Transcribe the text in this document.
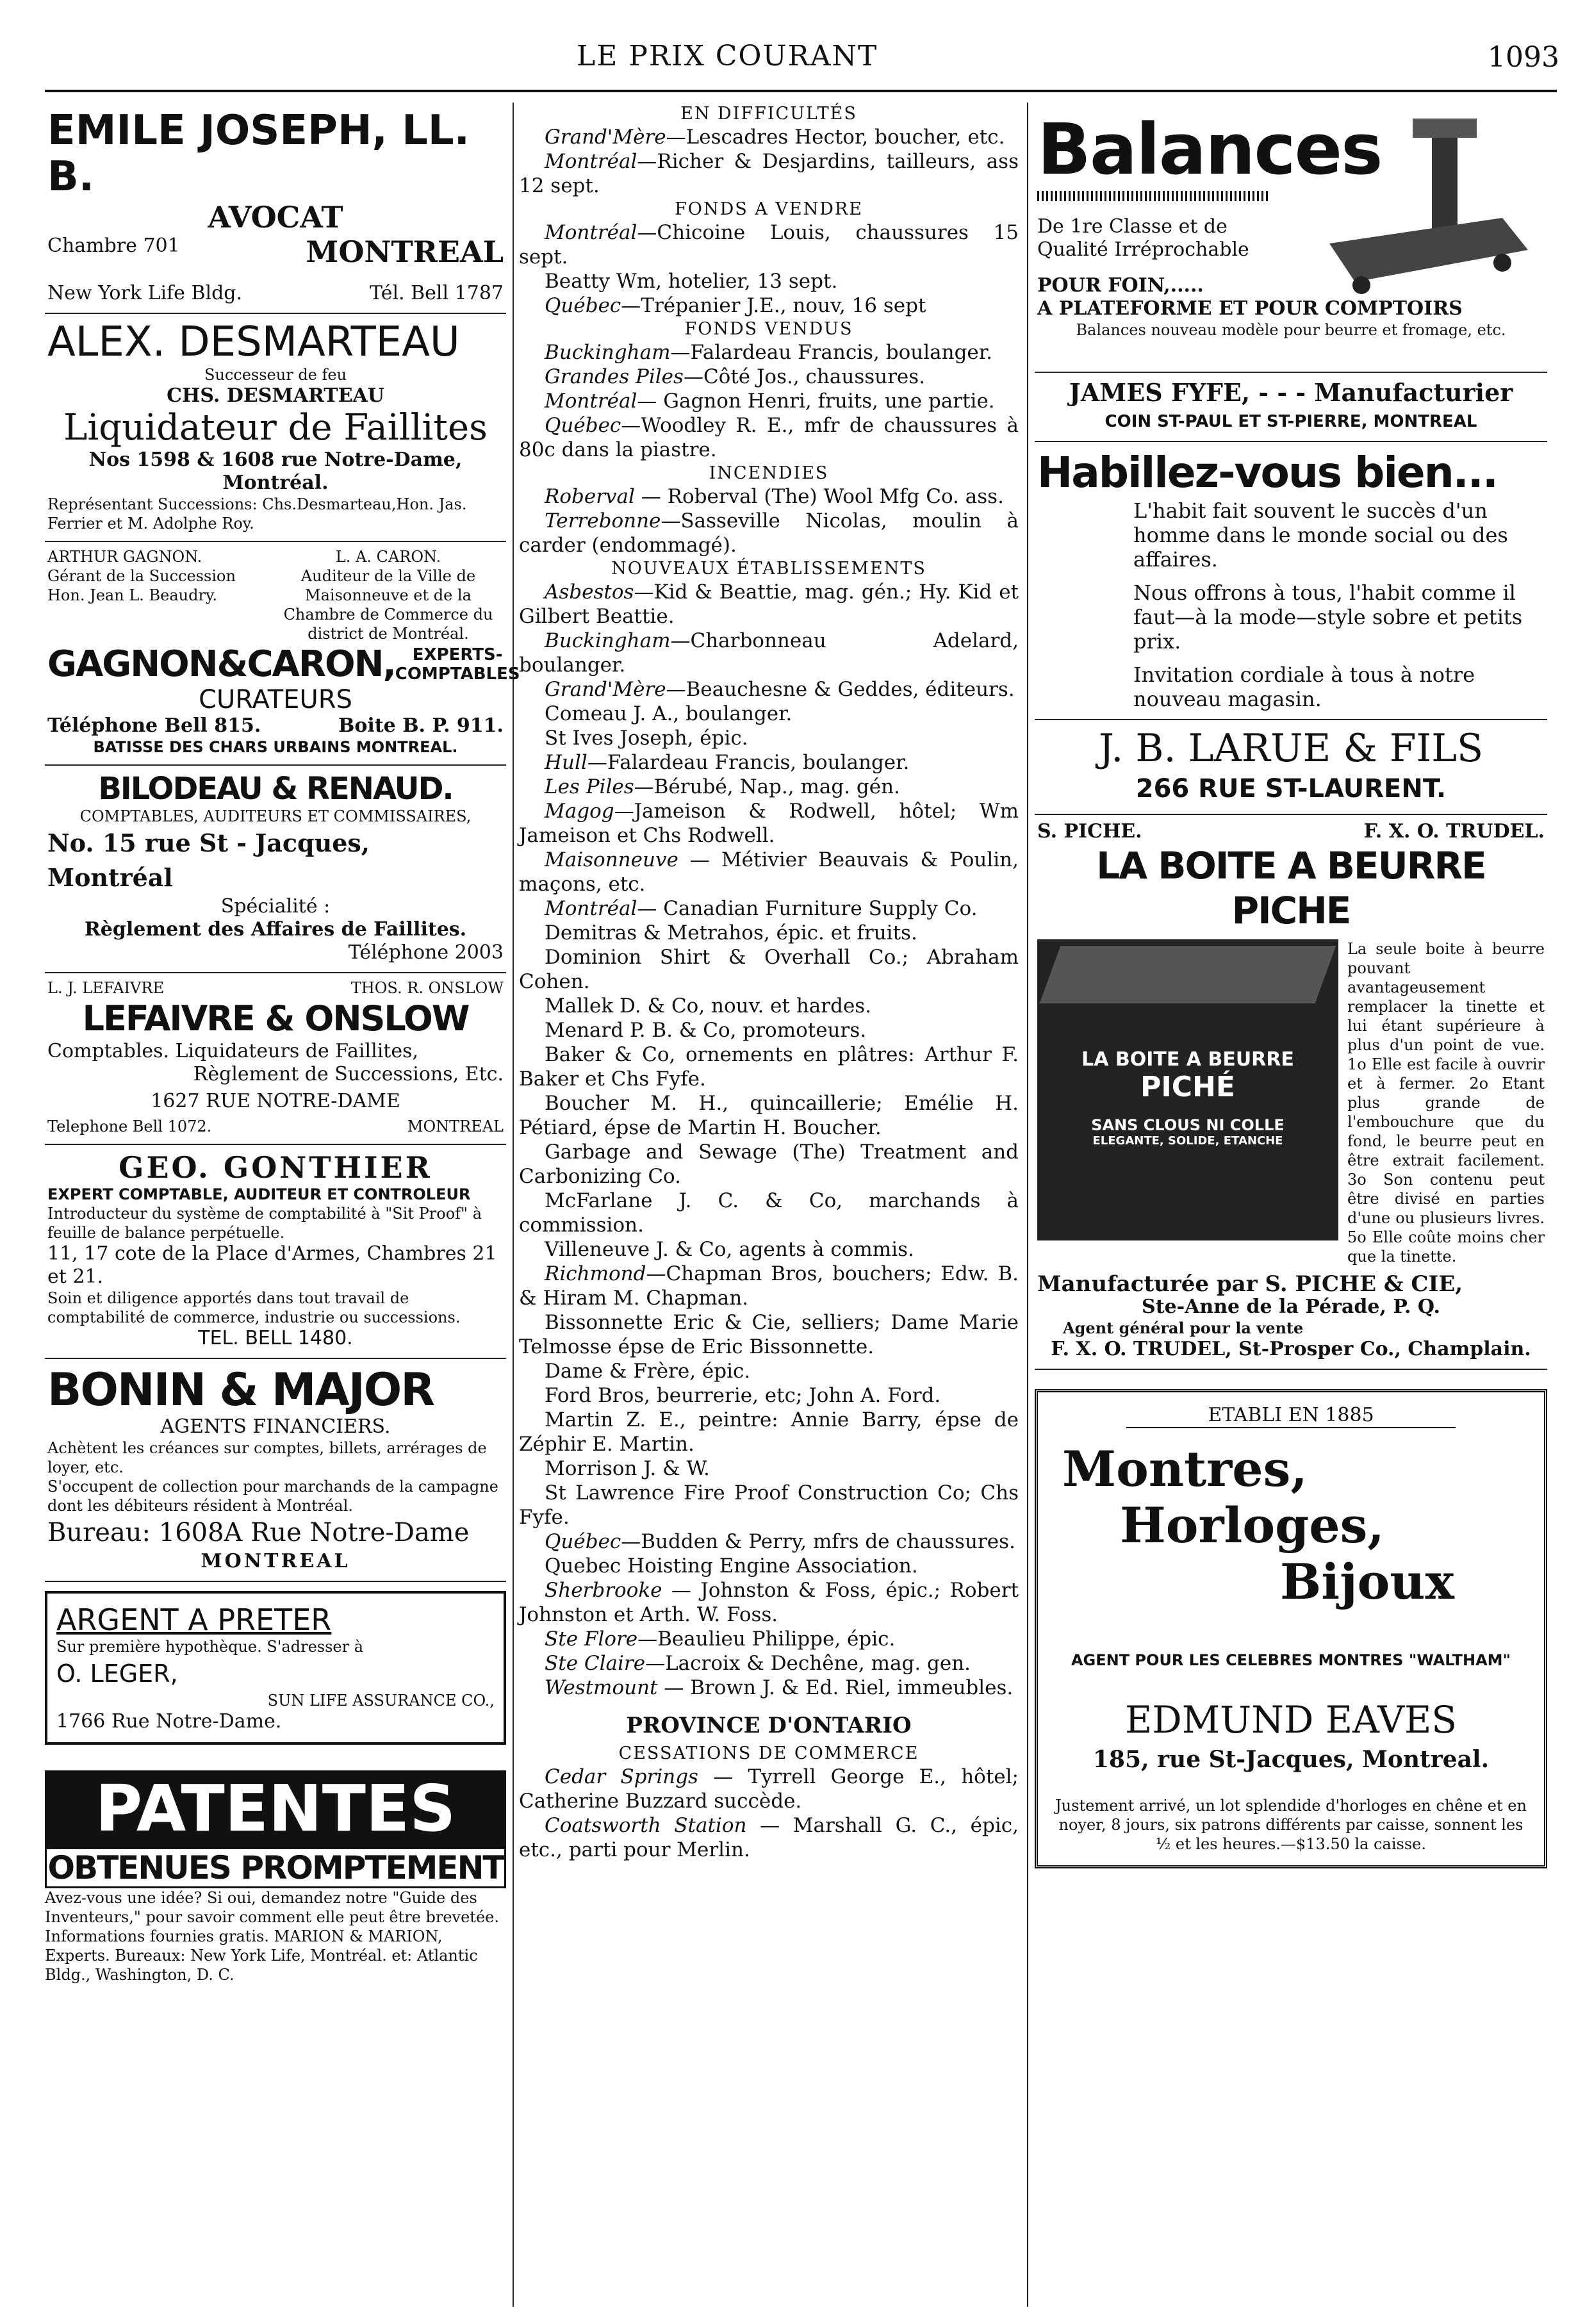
LE PRIX COURANT	1093
EMILE JOSEPH, LL. B.
AVOCAT
Chambre 701	MONTREAL
New York Life Bldg.	Tél. Bell 1787
ALEX. DESMARTEAU
Successeur de feu
CHS. DESMARTEAU
Liquidateur de Faillites
Nos 1598 & 1608 rue Notre-Dame, Montréal.
Représentant Successions: Chs.Desmarteau,Hon. Jas. Ferrier et M. Adolphe Roy.
ARTHUR GAGNON.
Gérant de la Succession
Hon. Jean L. Beaudry.
L. A. CARON.
Auditeur de la Ville de Maisonneuve et de la Chambre de Commerce du district de Montréal.
GAGNON&CARON,	EXPERTS-COMPTABLES
CURATEURS
Téléphone Bell 815.	Boite B. P. 911.
BATISSE DES CHARS URBAINS MONTREAL.
BILODEAU & RENAUD.
COMPTABLES, AUDITEURS ET COMMISSAIRES,
No. 15 rue St - Jacques, Montréal
Spécialité :
Règlement des Affaires de Faillites.
Téléphone 2003
L. J. LEFAIVRE	THOS. R. ONSLOW
LEFAIVRE & ONSLOW
Comptables. Liquidateurs de Faillites,
Règlement de Successions, Etc.
1627 RUE NOTRE-DAME
Telephone Bell 1072.	MONTREAL
GEO. GONTHIER
EXPERT COMPTABLE, AUDITEUR ET CONTROLEUR
Introducteur du système de comptabilité à "Sit Proof" à feuille de balance perpétuelle.
11, 17 cote de la Place d'Armes, Chambres 21 et 21.
Soin et diligence apportés dans tout travail de comptabilité de commerce, industrie ou successions.
TEL. BELL 1480.
BONIN & MAJOR
AGENTS FINANCIERS.
Achètent les créances sur comptes, billets, arrérages de loyer, etc.
S'occupent de collection pour marchands de la campagne dont les débiteurs résident à Montréal.
Bureau: 1608A Rue Notre-Dame
MONTREAL
ARGENT A PRETER
Sur première hypothèque. S'adresser à
O. LEGER,
SUN LIFE ASSURANCE CO.,
1766 Rue Notre-Dame.
PATENTES
OBTENUES PROMPTEMENT
Avez-vous une idée? Si oui, demandez notre "Guide des Inventeurs," pour savoir comment elle peut être brevetée. Informations fournies gratis. MARION & MARION, Experts. Bureaux: New York Life, Montréal. et: Atlantic Bldg., Washington, D. C.
EN DIFFICULTÉS

Grand'Mère—Lescadres Hector, boucher, etc.

Montréal—Richer & Desjardins, tailleurs, ass 12 sept.

FONDS A VENDRE

Montréal—Chicoine Louis, chaussures 15 sept.

Beatty Wm, hotelier, 13 sept.

Québec—Trépanier J.E., nouv, 16 sept

FONDS VENDUS

Buckingham—Falardeau Francis, boulanger.

Grandes Piles—Côté Jos., chaussures.

Montréal— Gagnon Henri, fruits, une partie.

Québec—Woodley R. E., mfr de chaussures à 80c dans la piastre.

INCENDIES

Roberval — Roberval (The) Wool Mfg Co. ass.

Terrebonne—Sasseville Nicolas, moulin à carder (endommagé).

NOUVEAUX ÉTABLISSEMENTS

Asbestos—Kid & Beattie, mag. gén.; Hy. Kid et Gilbert Beattie.

Buckingham—Charbonneau Adelard, boulanger.

Grand'Mère—Beauchesne & Geddes, éditeurs.

Comeau J. A., boulanger.

St Ives Joseph, épic.

Hull—Falardeau Francis, boulanger.

Les Piles—Bérubé, Nap., mag. gén.

Magog—Jameison & Rodwell, hôtel; Wm Jameison et Chs Rodwell.

Maisonneuve — Métivier Beauvais & Poulin, maçons, etc.

Montréal— Canadian Furniture Supply Co.

Demitras & Metrahos, épic. et fruits.

Dominion Shirt & Overhall Co.; Abraham Cohen.

Mallek D. & Co, nouv. et hardes.

Menard P. B. & Co, promoteurs.

Baker & Co, ornements en plâtres: Arthur F. Baker et Chs Fyfe.

Boucher M. H., quincaillerie; Emélie H. Pétiard, épse de Martin H. Boucher.

Garbage and Sewage (The) Treatment and Carbonizing Co.

McFarlane J. C. & Co, marchands à commission.

Villeneuve J. & Co, agents à commis.

Richmond—Chapman Bros, bouchers; Edw. B. & Hiram M. Chapman.

Bissonnette Eric & Cie, selliers; Dame Marie Telmosse épse de Eric Bissonnette.

Dame & Frère, épic.

Ford Bros, beurrerie, etc; John A. Ford.

Martin Z. E., peintre: Annie Barry, épse de Zéphir E. Martin.

Morrison J. & W.

St Lawrence Fire Proof Construction Co; Chs Fyfe.

Québec—Budden & Perry, mfrs de chaussures.

Quebec Hoisting Engine Association.

Sherbrooke — Johnston & Foss, épic.; Robert Johnston et Arth. W. Foss.

Ste Flore—Beaulieu Philippe, épic.

Ste Claire—Lacroix & Dechêne, mag. gen.

Westmount — Brown J. & Ed. Riel, immeubles.

PROVINCE D'ONTARIO
CESSATIONS DE COMMERCE

Cedar Springs — Tyrrell George E., hôtel; Catherine Buzzard succède.

Coatsworth Station — Marshall G. C., épic, etc., parti pour Merlin.

Balances
De 1re Classe et de
Qualité Irréprochable
POUR FOIN,.....
A PLATEFORME ET POUR COMPTOIRS
Balances nouveau modèle pour beurre et fromage, etc.
JAMES FYFE, - - - Manufacturier
COIN ST-PAUL ET ST-PIERRE, MONTREAL
Habillez-vous bien...
L'habit fait souvent le succès d'un homme dans le monde social ou des affaires.
Nous offrons à tous, l'habit comme il faut—à la mode—style sobre et petits prix.
Invitation cordiale à tous à notre nouveau magasin.
J. B. LARUE & FILS
266 RUE ST-LAURENT.
S. PICHE.	F. X. O. TRUDEL.
LA BOITE A BEURRE PICHE
LA BOITE A BEURRE
PICHÉ
SANS CLOUS NI COLLE
ELEGANTE, SOLIDE, ETANCHE
La seule boite à beurre pouvant avantageusement remplacer la tinette et lui étant supérieure à plus d'un point de vue. 1o Elle est facile à ouvrir et à fermer. 2o Etant plus grande de l'embouchure que du fond, le beurre peut en être extrait facilement. 3o Son contenu peut être divisé en parties d'une ou plusieurs livres. 5o Elle coûte moins cher que la tinette.
Manufacturée par S. PICHE & CIE,
Ste-Anne de la Pérade, P. Q.
Agent général pour la vente
F. X. O. TRUDEL, St-Prosper Co., Champlain.
ETABLI EN 1885
Montres,
Horloges,
Bijoux
AGENT POUR LES CELEBRES MONTRES "WALTHAM"
EDMUND EAVES
185, rue St-Jacques, Montreal.
Justement arrivé, un lot splendide d'horloges en chêne et en noyer, 8 jours, six patrons différents par caisse, sonnent les ½ et les heures.—$13.50 la caisse.
